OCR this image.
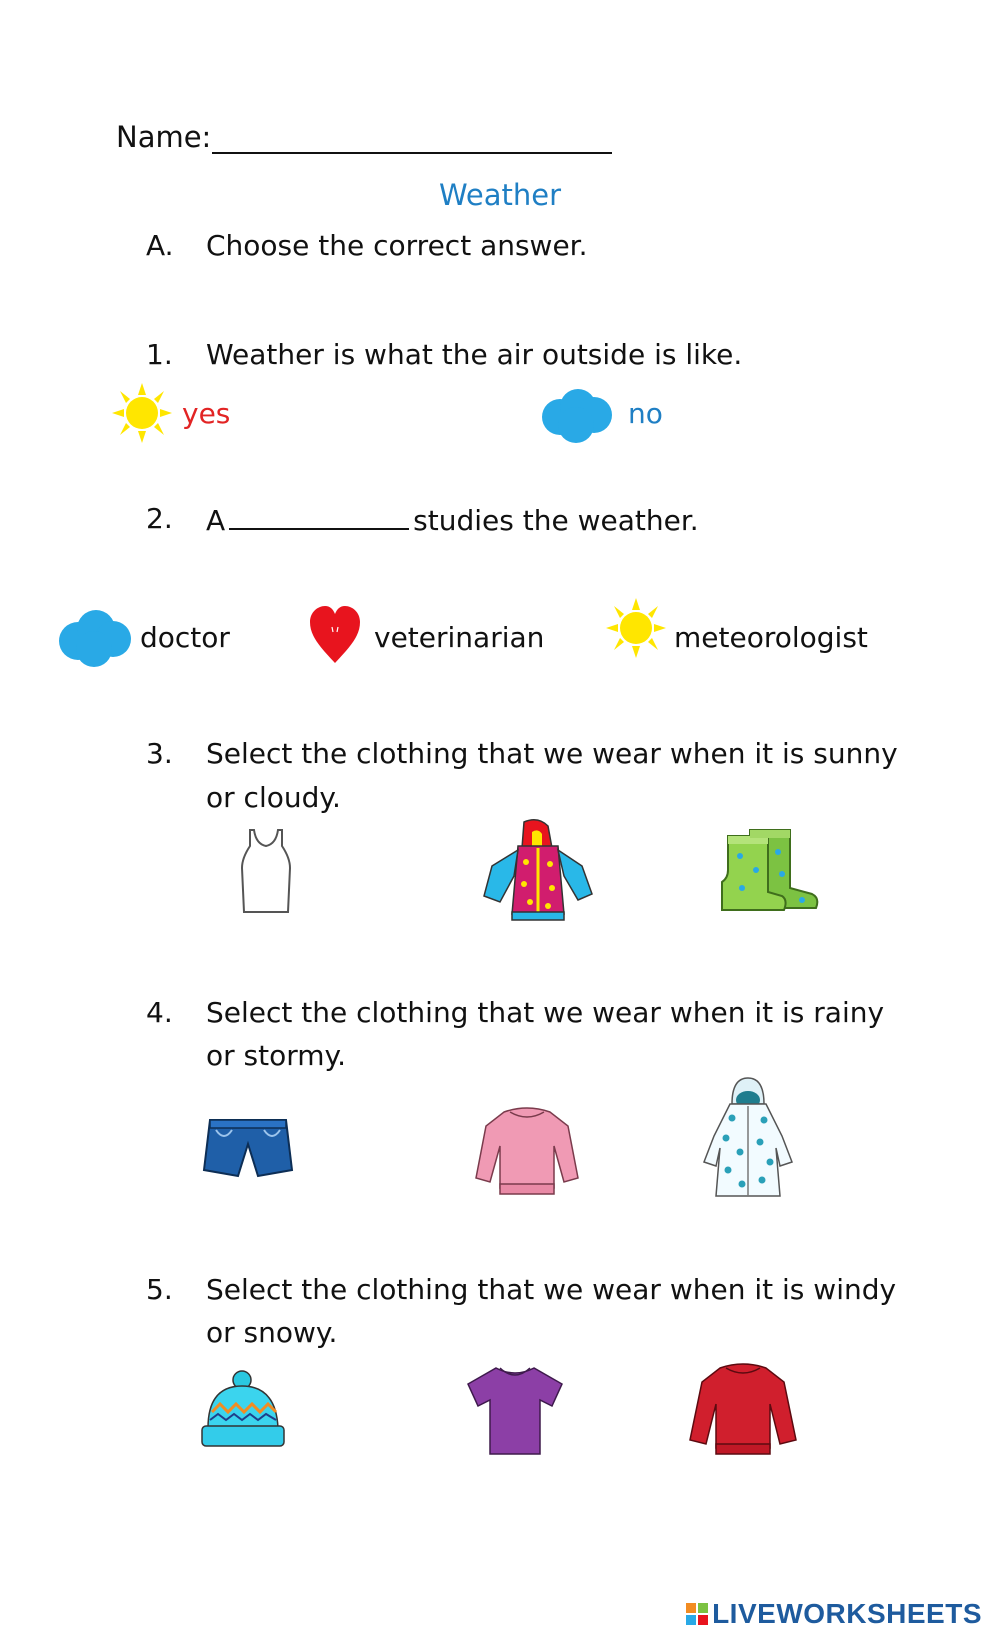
Name:
Weather
A. Choose the correct answer.
1. Weather is what the air outside is like.
yes	no
2. A	studies the weather.
doctor	veterinarian	meteorologist
3. Select the clothing that we wear when it is sunny
or cloudy.
4. Select the clothing that we wear when it is rainy
or stormy.
5. Select the clothing that we wear when it is windy
or snowy.
LIVEWORKSHEETS
